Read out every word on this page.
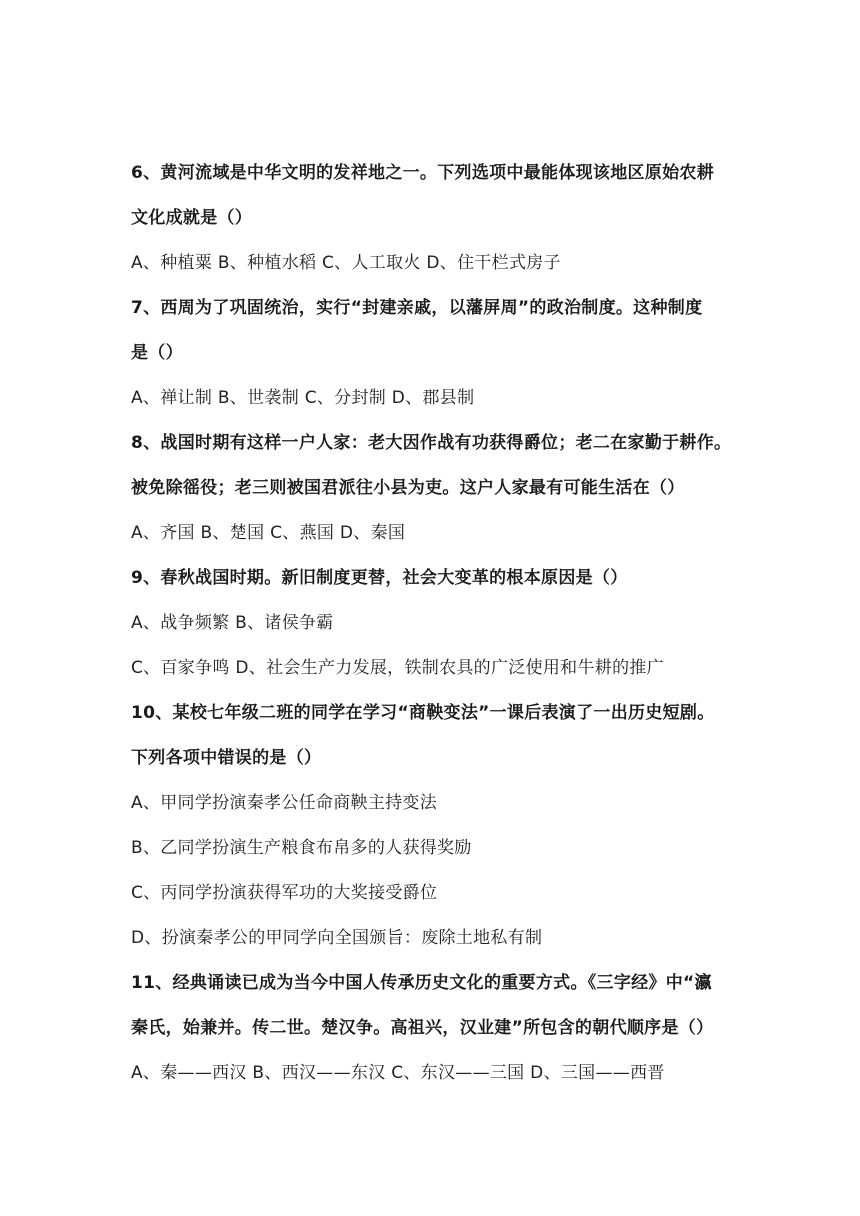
6、黄河流域是中华文明的发祥地之一。下列选项中最能体现该地区原始农耕
文化成就是（）
A、种植粟 B、种植水稻 C、人工取火 D、住干栏式房子
7、西周为了巩固统治，实行“封建亲戚，以藩屏周”的政治制度。这种制度
是（）
A、禅让制 B、世袭制 C、分封制 D、郡县制
8、战国时期有这样一户人家：老大因作战有功获得爵位；老二在家勤于耕作。
被免除徭役；老三则被国君派往小县为吏。这户人家最有可能生活在（）
A、齐国 B、楚国 C、燕国 D、秦国
9、春秋战国时期。新旧制度更替，社会大变革的根本原因是（）
A、战争频繁 B、诸侯争霸
C、百家争鸣 D、社会生产力发展，铁制农具的广泛使用和牛耕的推广
10、某校七年级二班的同学在学习“商鞅变法”一课后表演了一出历史短剧。
下列各项中错误的是（）
A、甲同学扮演秦孝公任命商鞅主持变法
B、乙同学扮演生产粮食布帛多的人获得奖励
C、丙同学扮演获得军功的大奖接受爵位
D、扮演秦孝公的甲同学向全国颁旨：废除土地私有制
11、经典诵读已成为当今中国人传承历史文化的重要方式。《三字经》中“瀛
秦氏，始兼并。传二世。楚汉争。高祖兴，汉业建”所包含的朝代顺序是（）
A、秦——西汉 B、西汉——东汉 C、东汉——三国 D、三国——西晋
